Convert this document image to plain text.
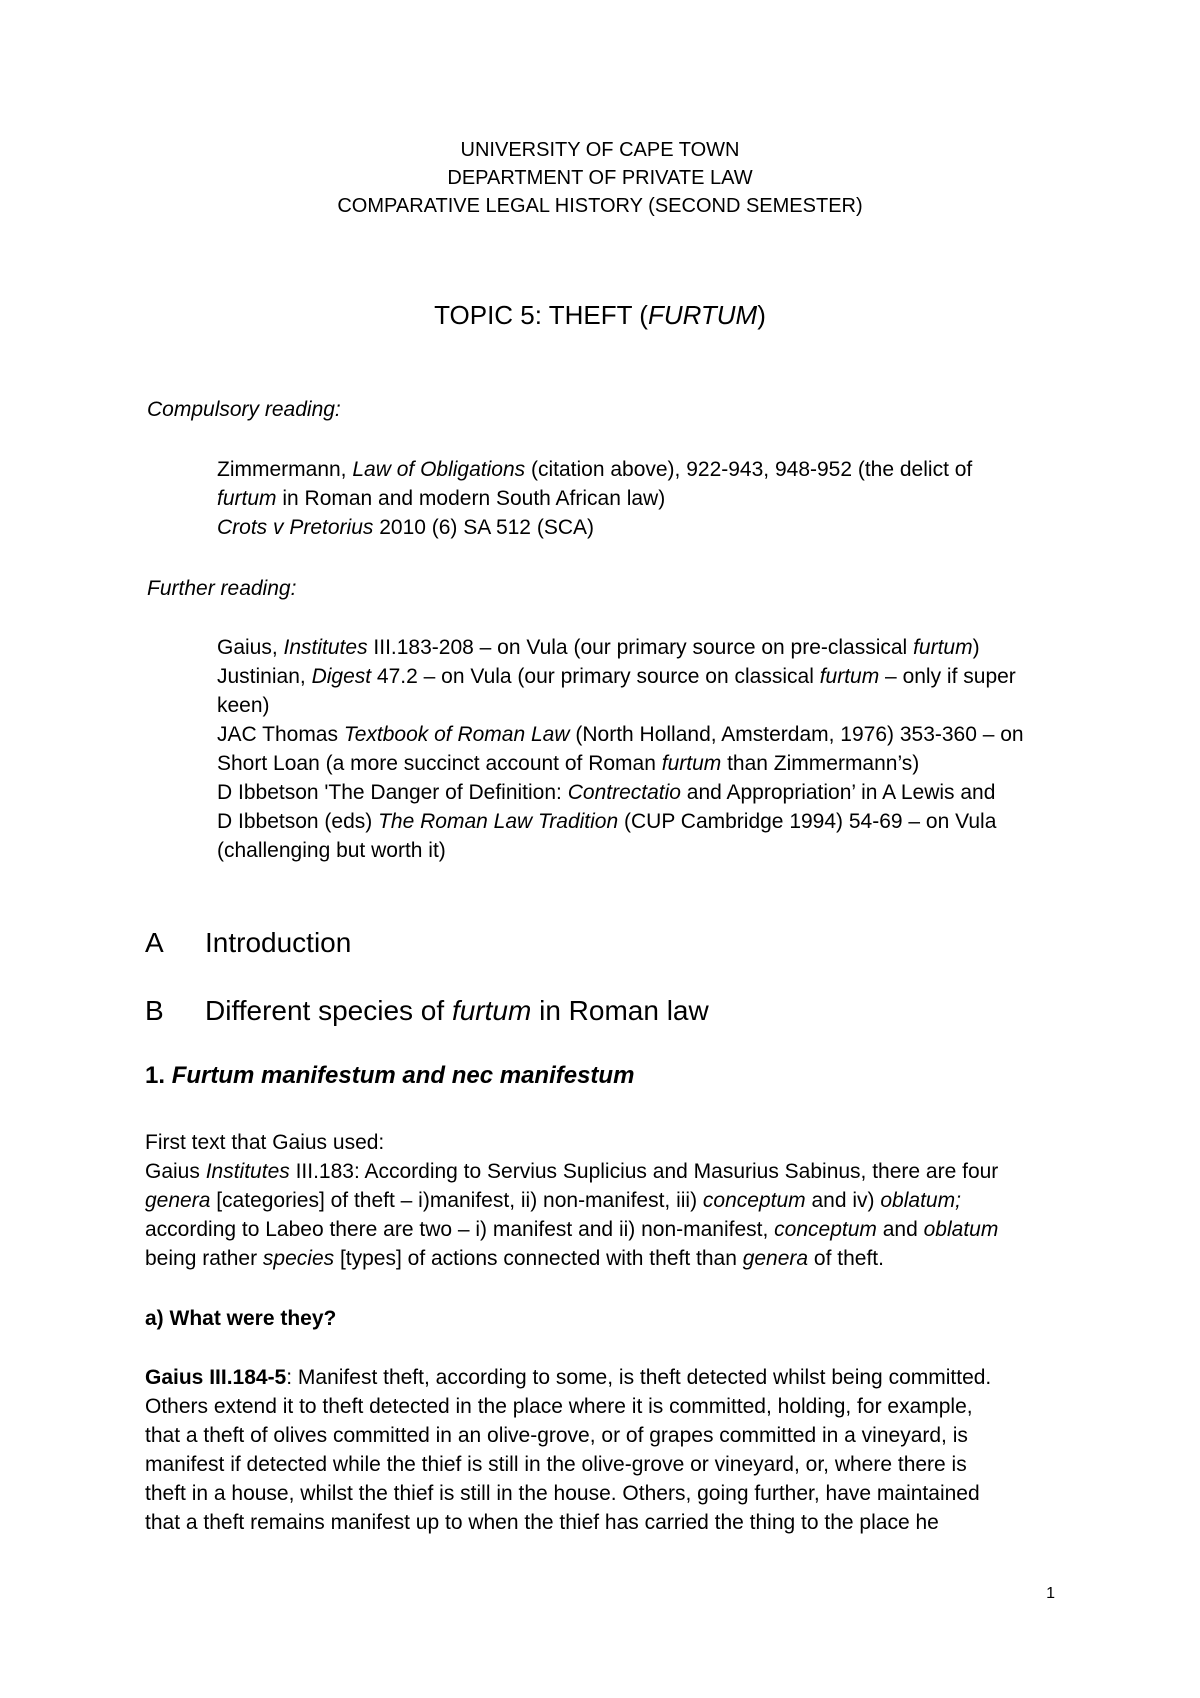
UNIVERSITY OF CAPE TOWN
DEPARTMENT OF PRIVATE LAW
COMPARATIVE LEGAL HISTORY (SECOND SEMESTER)
TOPIC 5: THEFT (FURTUM)
Compulsory reading:
Zimmermann, Law of Obligations (citation above), 922-943, 948-952 (the delict of
furtum in Roman and modern South African law)
Crots v Pretorius 2010 (6) SA 512 (SCA)
Further reading:
Gaius, Institutes III.183-208 – on Vula (our primary source on pre-classical furtum)
Justinian, Digest 47.2 – on Vula (our primary source on classical furtum – only if super
keen)
JAC Thomas Textbook of Roman Law (North Holland, Amsterdam, 1976) 353-360 – on
Short Loan (a more succinct account of Roman furtum than Zimmermann’s)
D Ibbetson 'The Danger of Definition: Contrectatio and Appropriation’ in A Lewis and
D Ibbetson (eds) The Roman Law Tradition (CUP Cambridge 1994) 54-69 – on Vula
(challenging but worth it)
A Introduction
B Different species of furtum in Roman law
1. Furtum manifestum and nec manifestum
First text that Gaius used:
Gaius Institutes III.183: According to Servius Suplicius and Masurius Sabinus, there are four
genera [categories] of theft – i)manifest, ii) non-manifest, iii) conceptum and iv) oblatum;
according to Labeo there are two – i) manifest and ii) non-manifest, conceptum and oblatum
being rather species [types] of actions connected with theft than genera of theft.
a) What were they?
Gaius III.184-5: Manifest theft, according to some, is theft detected whilst being committed.
Others extend it to theft detected in the place where it is committed, holding, for example,
that a theft of olives committed in an olive-grove, or of grapes committed in a vineyard, is
manifest if detected while the thief is still in the olive-grove or vineyard, or, where there is
theft in a house, whilst the thief is still in the house. Others, going further, have maintained
that a theft remains manifest up to when the thief has carried the thing to the place he
1
